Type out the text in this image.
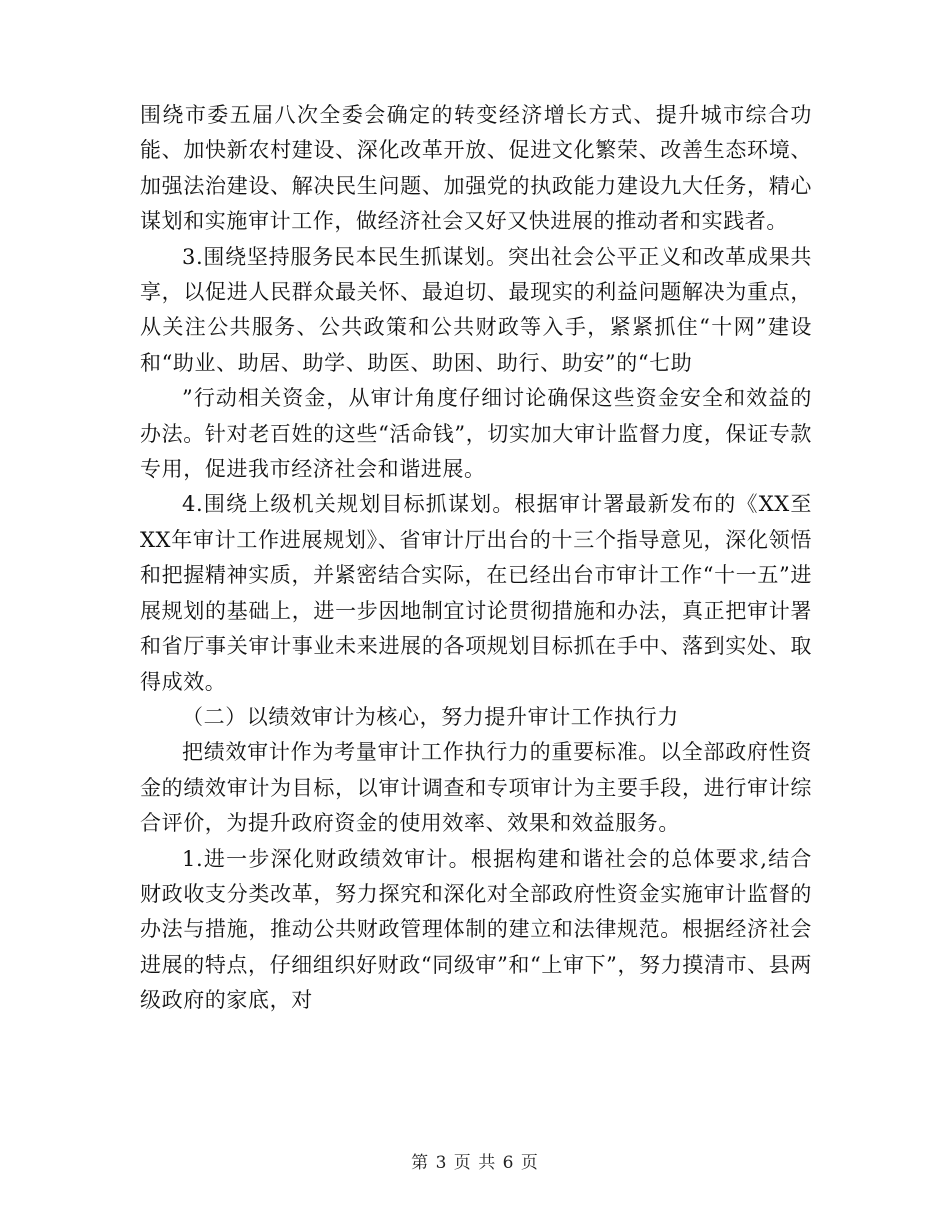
围绕市委五届八次全委会确定的转变经济增长方式、提升城市综合功能、加快新农村建设、深化改革开放、促进文化繁荣、改善生态环境、加强法治建设、解决民生问题、加强党的执政能力建设九大任务，精心谋划和实施审计工作，做经济社会又好又快进展的推动者和实践者。

3.围绕坚持服务民本民生抓谋划。突出社会公平正义和改革成果共享，以促进人民群众最关怀、最迫切、最现实的利益问题解决为重点，从关注公共服务、公共政策和公共财政等入手，紧紧抓住“十网”建设和“助业、助居、助学、助医、助困、助行、助安”的“七助

”行动相关资金，从审计角度仔细讨论确保这些资金安全和效益的办法。针对老百姓的这些“活命钱”，切实加大审计监督力度，保证专款专用，促进我市经济社会和谐进展。

4.围绕上级机关规划目标抓谋划。根据审计署最新发布的《XX至XX年审计工作进展规划》、省审计厅出台的十三个指导意见，深化领悟和把握精神实质，并紧密结合实际，在已经出台市审计工作“十一五”进展规划的基础上，进一步因地制宜讨论贯彻措施和办法，真正把审计署和省厅事关审计事业未来进展的各项规划目标抓在手中、落到实处、取得成效。

（二）以绩效审计为核心，努力提升审计工作执行力

把绩效审计作为考量审计工作执行力的重要标准。以全部政府性资金的绩效审计为目标，以审计调查和专项审计为主要手段，进行审计综合评价，为提升政府资金的使用效率、效果和效益服务。

1.进一步深化财政绩效审计。根据构建和谐社会的总体要求,结合财政收支分类改革，努力探究和深化对全部政府性资金实施审计监督的办法与措施，推动公共财政管理体制的建立和法律规范。根据经济社会进展的特点，仔细组织好财政“同级审”和“上审下”，努力摸清市、县两级政府的家底，对

第 3 页 共 6 页
